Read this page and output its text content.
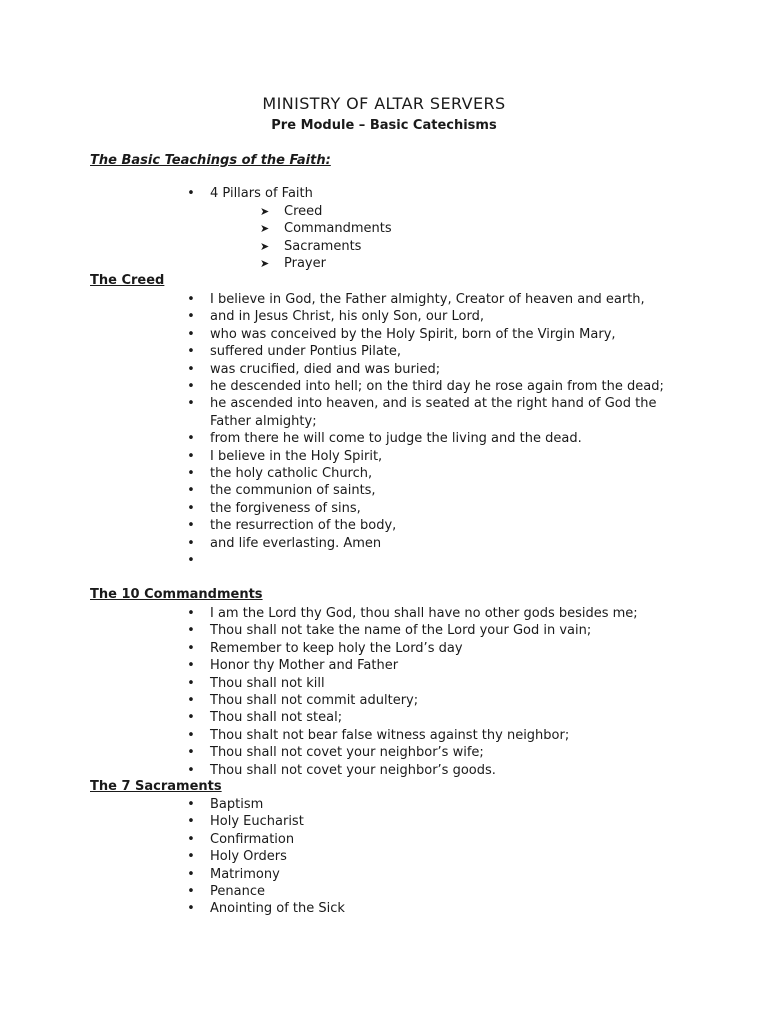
MINISTRY OF ALTAR SERVERS
Pre Module – Basic Catechisms
The Basic Teachings of the Faith:
• 4 Pillars of Faith
➤ Creed
➤ Commandments
➤ Sacraments
➤ Prayer
The Creed
• I believe in God, the Father almighty, Creator of heaven and earth,
• and in Jesus Christ, his only Son, our Lord,
• who was conceived by the Holy Spirit, born of the Virgin Mary,
• suffered under Pontius Pilate,
• was crucified, died and was buried;
• he descended into hell; on the third day he rose again from the dead;
• he ascended into heaven, and is seated at the right hand of God the Father almighty;
• from there he will come to judge the living and the dead.
• I believe in the Holy Spirit,
• the holy catholic Church,
• the communion of saints,
• the forgiveness of sins,
• the resurrection of the body,
• and life everlasting. Amen
•
The 10 Commandments
• I am the Lord thy God, thou shall have no other gods besides me;
• Thou shall not take the name of the Lord your God in vain;
• Remember to keep holy the Lord’s day
• Honor thy Mother and Father
• Thou shall not kill
• Thou shall not commit adultery;
• Thou shall not steal;
• Thou shalt not bear false witness against thy neighbor;
• Thou shall not covet your neighbor’s wife;
• Thou shall not covet your neighbor’s goods.
The 7 Sacraments
• Baptism
• Holy Eucharist
• Confirmation
• Holy Orders
• Matrimony
• Penance
• Anointing of the Sick
